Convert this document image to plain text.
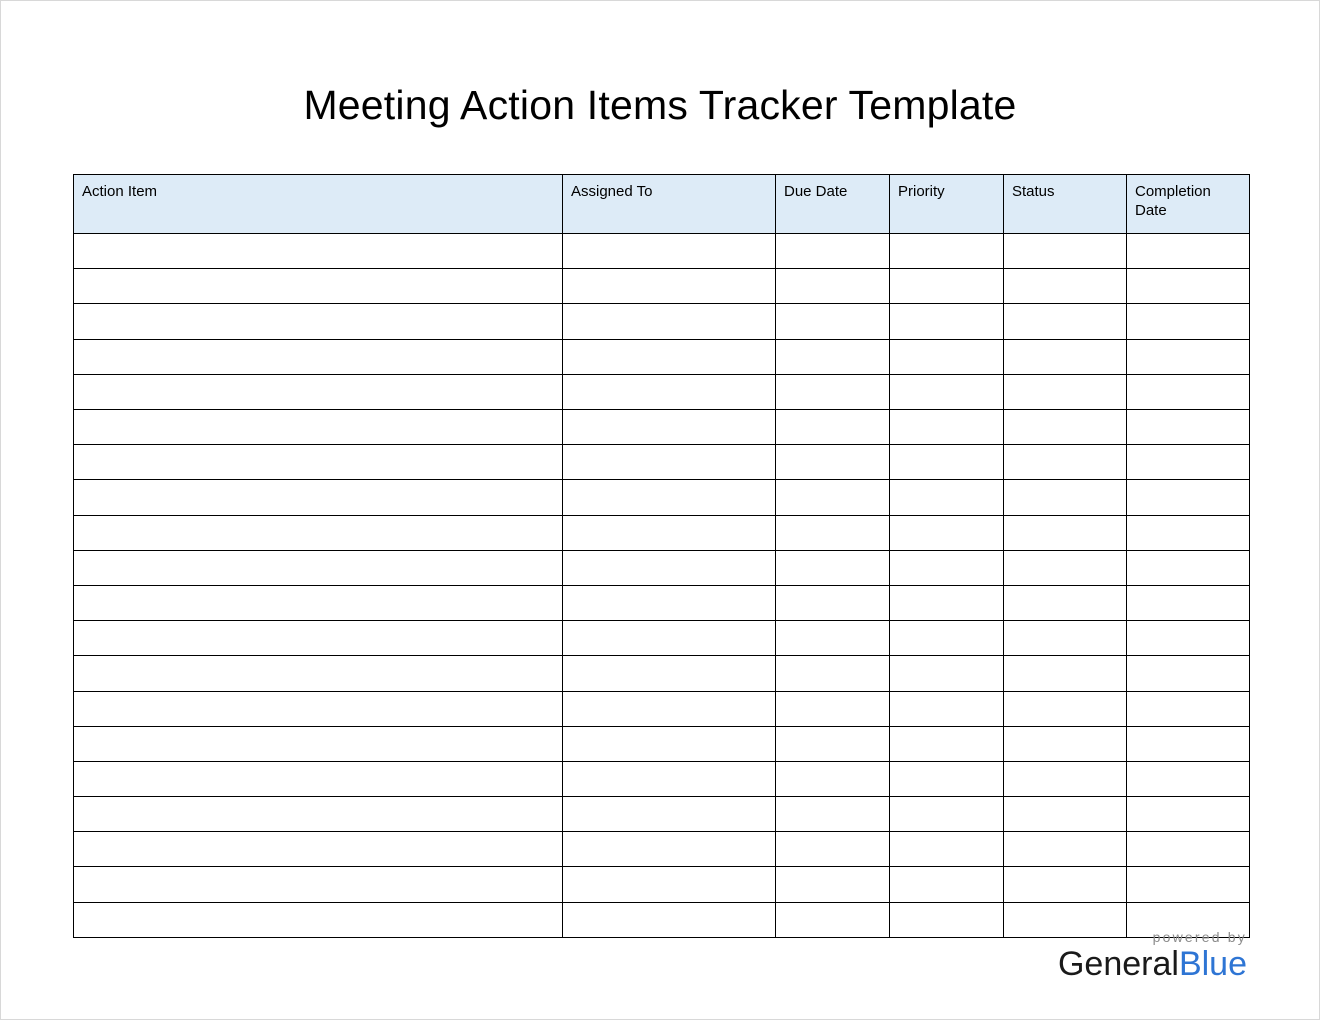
Meeting Action Items Tracker Template
Action Item	Assigned To	Due Date	Priority	Status	Completion Date

powered by
GeneralBlue
